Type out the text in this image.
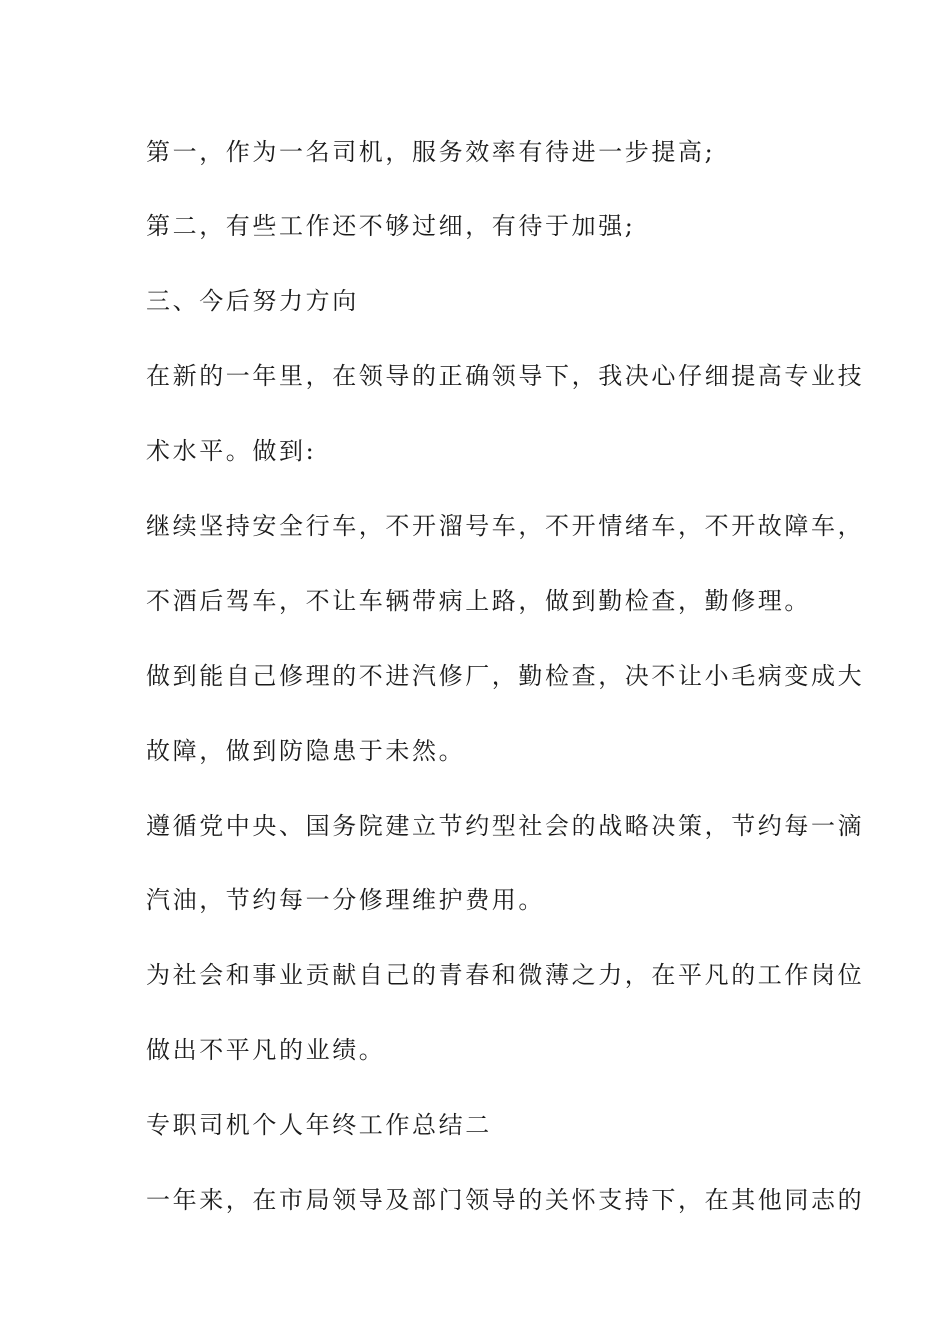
第一，作为一名司机，服务效率有待进一步提高;
第二，有些工作还不够过细，有待于加强;
三、今后努力方向
在新的一年里，在领导的正确领导下，我决心仔细提高专业技
术水平。做到:
继续坚持安全行车，不开溜号车，不开情绪车，不开故障车，
不酒后驾车，不让车辆带病上路，做到勤检查，勤修理。
做到能自己修理的不进汽修厂，勤检查，决不让小毛病变成大
故障，做到防隐患于未然。
遵循党中央、国务院建立节约型社会的战略决策，节约每一滴
汽油，节约每一分修理维护费用。
为社会和事业贡献自己的青春和微薄之力，在平凡的工作岗位
做出不平凡的业绩。
专职司机个人年终工作总结二
一年来，在市局领导及部门领导的关怀支持下，在其他同志的
